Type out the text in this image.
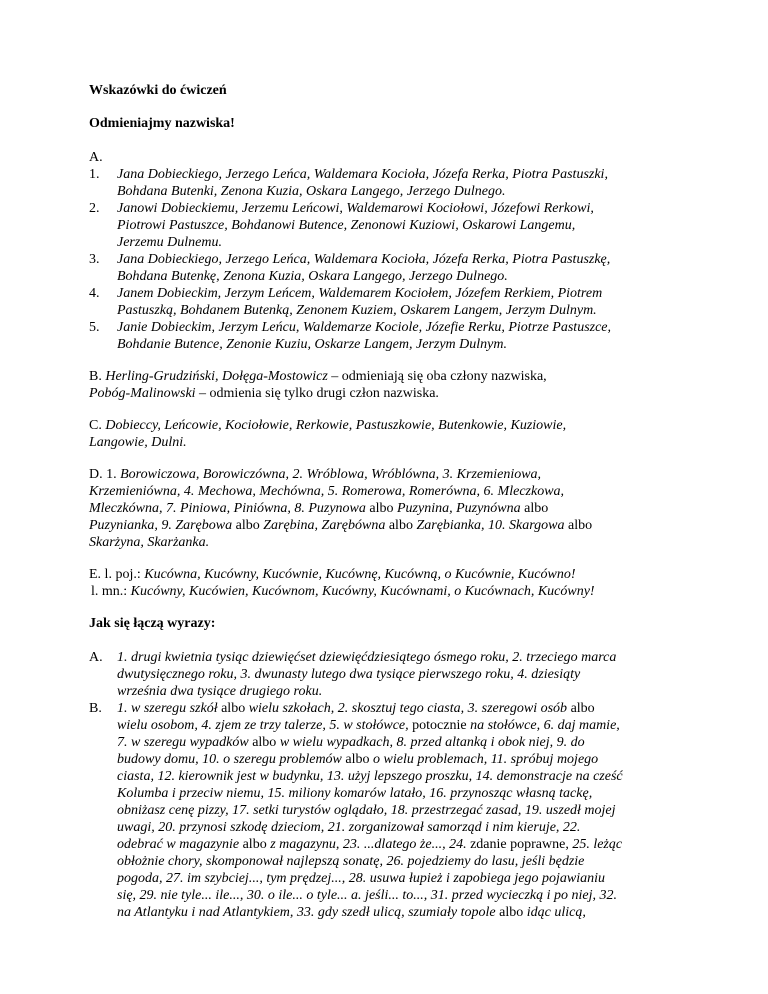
Wskazówki do ćwiczeń

Odmieniajmy nazwiska!

A.
1.	Jana Dobieckiego, Jerzego Leńca, Waldemara Kocioła, Józefa Rerka, Piotra Pastuszki,
Bohdana Butenki, Zenona Kuzia, Oskara Langego, Jerzego Dulnego.
2.	Janowi Dobieckiemu, Jerzemu Leńcowi, Waldemarowi Kociołowi, Józefowi Rerkowi,
Piotrowi Pastuszce, Bohdanowi Butence, Zenonowi Kuziowi, Oskarowi Langemu,
Jerzemu Dulnemu.
3.	Jana Dobieckiego, Jerzego Leńca, Waldemara Kocioła, Józefa Rerka, Piotra Pastuszkę,
Bohdana Butenkę, Zenona Kuzia, Oskara Langego, Jerzego Dulnego.
4.	Janem Dobieckim, Jerzym Leńcem, Waldemarem Kociołem, Józefem Rerkiem, Piotrem
Pastuszką, Bohdanem Butenką, Zenonem Kuziem, Oskarem Langem, Jerzym Dulnym.
5.	Janie Dobieckim, Jerzym Leńcu, Waldemarze Kociole, Józefie Rerku, Piotrze Pastuszce,
Bohdanie Butence, Zenonie Kuziu, Oskarze Langem, Jerzym Dulnym.
B. Herling-Grudziński, Dołęga-Mostowicz – odmieniają się oba człony nazwiska,
Pobóg-Malinowski – odmienia się tylko drugi człon nazwiska.
C. Dobieccy, Leńcowie, Kociołowie, Rerkowie, Pastuszkowie, Butenkowie, Kuziowie,
Langowie, Dulni.
D. 1. Borowiczowa, Borowiczówna, 2. Wróblowa, Wróblówna, 3. Krzemieniowa,
Krzemieniówna, 4. Mechowa, Mechówna, 5. Romerowa, Romerówna, 6. Mleczkowa,
Mleczkówna, 7. Piniowa, Piniówna, 8. Puzynowa albo Puzynina, Puzynówna albo
Puzynianka, 9. Zarębowa albo Zarębina, Zarębówna albo Zarębianka, 10. Skargowa albo
Skarżyna, Skarżanka.
E. l. poj.: Kucówna, Kucówny, Kucównie, Kucównę, Kucówną, o Kucównie, Kucówno!
l. mn.: Kucówny, Kucówien, Kucównom, Kucówny, Kucównami, o Kucównach, Kucówny!

Jak się łączą wyrazy:

A.	1. drugi kwietnia tysiąc dziewięćset dziewięćdziesiątego ósmego roku, 2. trzeciego marca
dwutysięcznego roku, 3. dwunasty lutego dwa tysiące pierwszego roku, 4. dziesiąty
września dwa tysiące drugiego roku.
B.	1. w szeregu szkół albo wielu szkołach, 2. skosztuj tego ciasta, 3. szeregowi osób albo
wielu osobom, 4. zjem ze trzy talerze, 5. w stołówce, potocznie na stołówce, 6. daj mamie,
7. w szeregu wypadków albo w wielu wypadkach, 8. przed altanką i obok niej, 9. do
budowy domu, 10. o szeregu problemów albo o wielu problemach, 11. spróbuj mojego
ciasta, 12. kierownik jest w budynku, 13. użyj lepszego proszku, 14. demonstracje na cześć
Kolumba i przeciw niemu, 15. miliony komarów latało, 16. przynosząc własną tackę,
obniżasz cenę pizzy, 17. setki turystów oglądało, 18. przestrzegać zasad, 19. uszedł mojej
uwagi, 20. przynosi szkodę dzieciom, 21. zorganizował samorząd i nim kieruje, 22.
odebrać w magazynie albo z magazynu, 23. ...dlatego że..., 24. zdanie poprawne, 25. leżąc
obłożnie chory, skomponował najlepszą sonatę, 26. pojedziemy do lasu, jeśli będzie
pogoda, 27. im szybciej..., tym prędzej..., 28. usuwa łupież i zapobiega jego pojawianiu
się, 29. nie tyle... ile..., 30. o ile... o tyle... a. jeśli... to..., 31. przed wycieczką i po niej, 32.
na Atlantyku i nad Atlantykiem, 33. gdy szedł ulicą, szumiały topole albo idąc ulicą,
